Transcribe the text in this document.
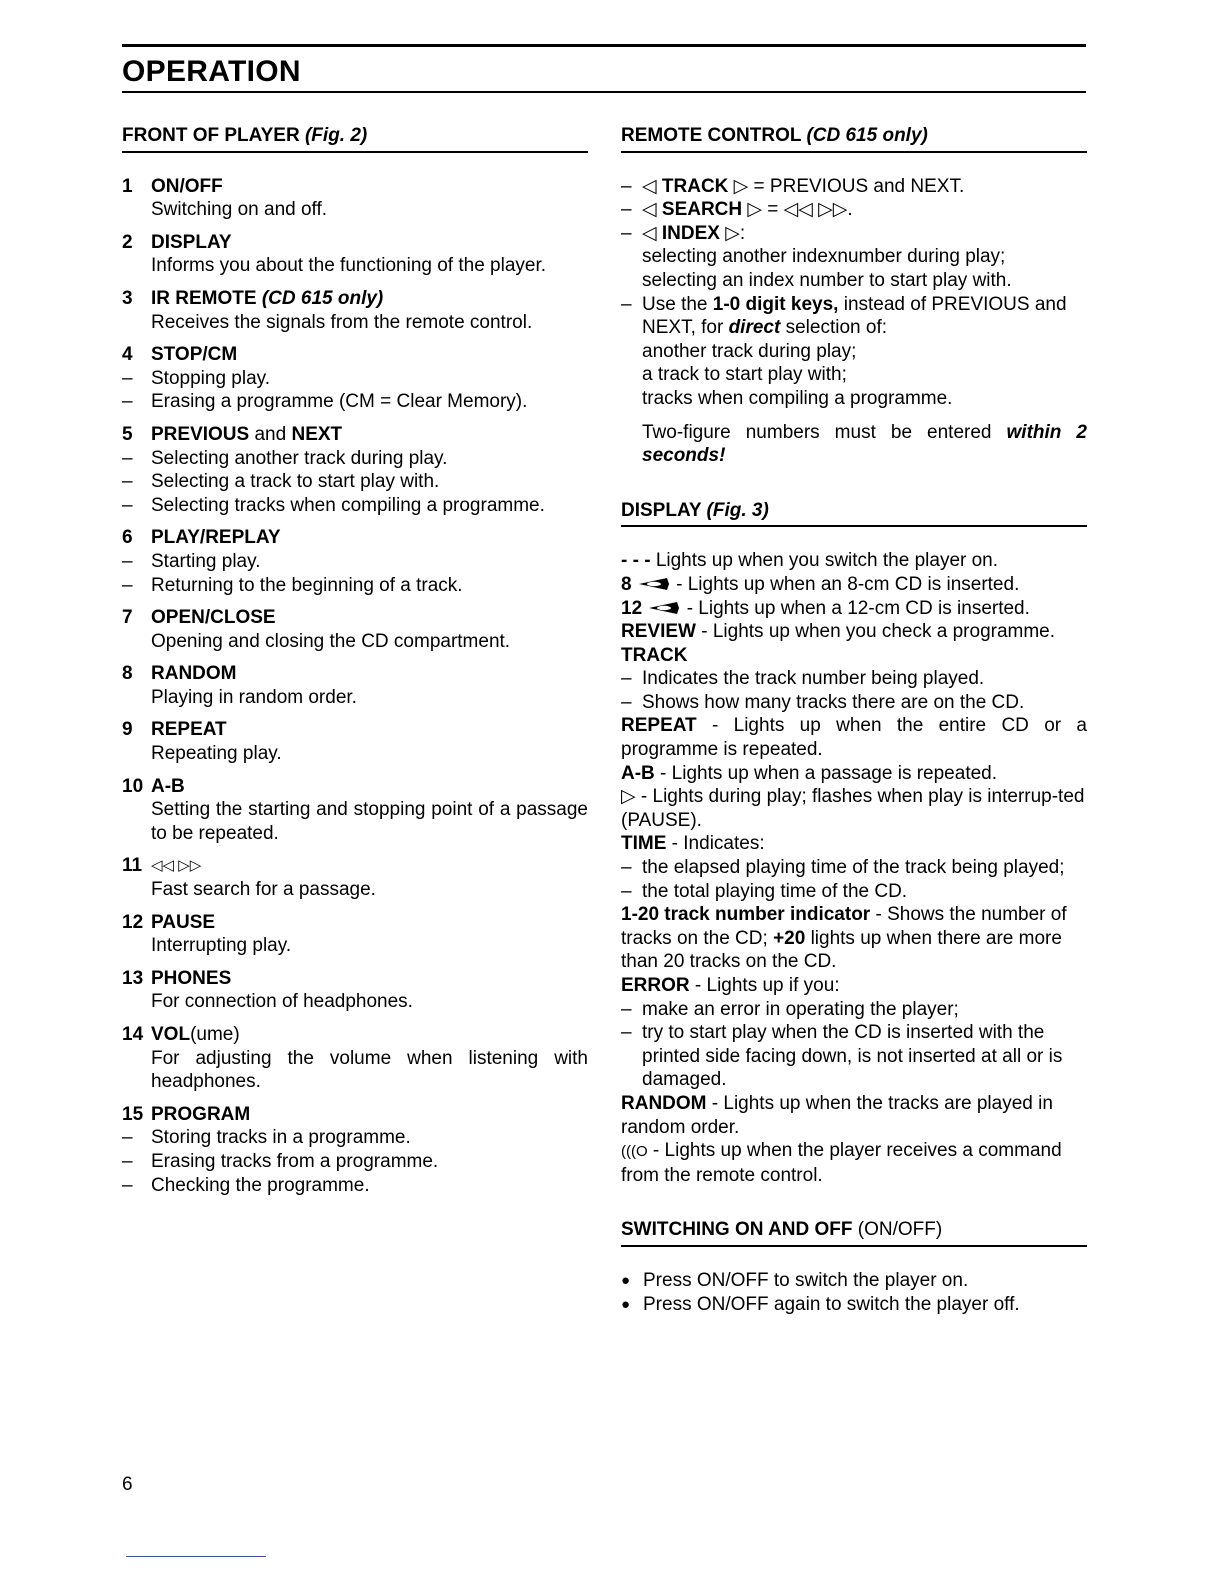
OPERATION
FRONT OF PLAYER (Fig. 2)
1 ON/OFF
Switching on and off.
2 DISPLAY
Informs you about the functioning of the player.
3 IR REMOTE
(CD 615 only)
Receives the signals from the remote control.
4 STOP/CM
– Stopping play.
– Erasing a programme (CM = Clear Memory).
5 PREVIOUS
and
NEXT
– Selecting another track during play.
– Selecting a track to start play with.
– Selecting tracks when compiling a programme.
6 PLAY/REPLAY
– Starting play.
– Returning to the beginning of a track.
7 OPEN/CLOSE
Opening and closing the CD compartment.
8 RANDOM
Playing in random order.
9 REPEAT
Repeating play.
10 A-B
Setting the starting and stopping point of a passage to be repeated.
11 ◁◁ ▷▷
Fast search for a passage.
12 PAUSE
Interrupting play.
13 PHONES
For connection of headphones.
14 VOL (ume)
For adjusting the volume when listening with headphones.
15 PROGRAM
– Storing tracks in a programme.
– Erasing tracks from a programme.
– Checking the programme.
REMOTE CONTROL (CD 615 only)
– ◁ TRACK ▷ = PREVIOUS and NEXT.
– ◁ SEARCH ▷ = ◁◁ ▷▷.
– ◁ INDEX ▷:
selecting another indexnumber during play;
selecting an index number to start play with.
– Use the 1-0 digit keys, instead of PREVIOUS and NEXT, for direct selection of:
another track during play;
a track to start play with;
tracks when compiling a programme.
Two-figure numbers must be entered within 2 seconds!
DISPLAY (Fig. 3)
- - - Lights up when you switch the player on.
8  - Lights up when an 8-cm CD is inserted.
12  - Lights up when a 12-cm CD is inserted.
REVIEW - Lights up when you check a programme.
TRACK
– Indicates the track number being played.
– Shows how many tracks there are on the CD.
REPEAT - Lights up when the entire CD or a programme is repeated.
A-B - Lights up when a passage is repeated.
▷ - Lights during play; flashes when play is interrup-ted (PAUSE).
TIME - Indicates:
– the elapsed playing time of the track being played;
– the total playing time of the CD.
1-20 track number indicator - Shows the number of tracks on the CD; +20 lights up when there are more than 20 tracks on the CD.
ERROR - Lights up if you:
– make an error in operating the player;
– try to start play when the CD is inserted with the printed side facing down, is not inserted at all or is damaged.
RANDOM - Lights up when the tracks are played in random order.
(((O - Lights up when the player receives a command from the remote control.
SWITCHING ON AND OFF (ON/OFF)
● Press ON/OFF to switch the player on.
● Press ON/OFF again to switch the player off.
6
